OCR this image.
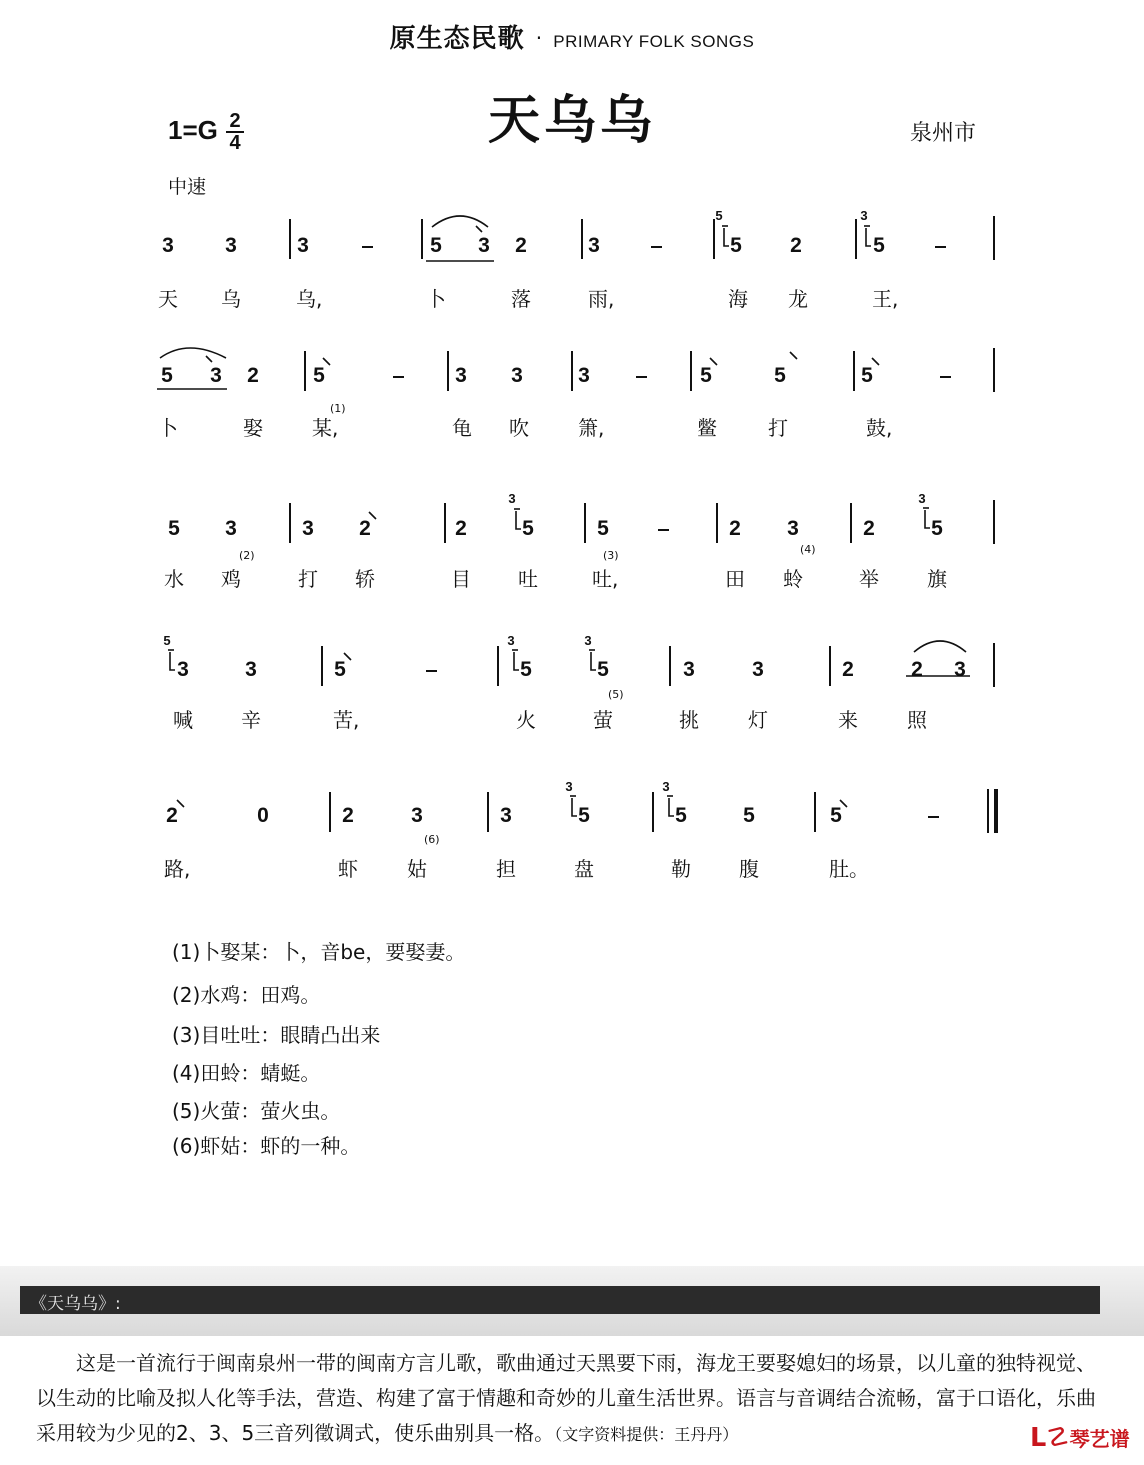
原生态民歌 · PRIMARY FOLK SONGS
天乌乌
1=G 2
4	泉州市
中速
3 3	3	5 3 2	3	5 2	5
5	3
天 乌	乌,	卜	落	雨,	海 龙	王,
5 3 2	5	3 3	3	5	5	5
卜	娶 某,
(1)
龟 吹 箫,	鳖	打	鼓,
5 3	3 2	2	5	5	2 3	2	5
3	3
水 鸡
(2)
打 轿	目 吐	吐,
(3)
田 蛉
(4)
举 旗
3	3	5	5	5	3	3	2	2 3
5	3	3
喊 辛	苦,	火	萤
(5)
挑 灯	来 照
2	0	2	3	3	5	5	5	5
3	3
路,	虾 姑
(6)
担	盘	勒 腹	肚。
(1)卜娶某：卜，音be，要娶妻。
(2)水鸡：田鸡。
(3)目吐吐：眼睛凸出来
(4)田蛉：蜻蜓。
(5)火萤：萤火虫。
(6)虾姑：虾的一种。
《天乌乌》:
这是一首流行于闽南泉州一带的闽南方言儿歌，歌曲通过天黑要下雨，海龙王要娶媳妇的场景，以儿童的独特视觉、以生动的比喻及拟人化等手法，营造、构建了富于情趣和奇妙的儿童生活世界。语言与音调结合流畅，富于口语化，乐曲采用较为少见的2、3、5三音列徵调式，使乐曲别具一格。（文字资料提供：王丹丹）	ᒪ☡琴艺谱
